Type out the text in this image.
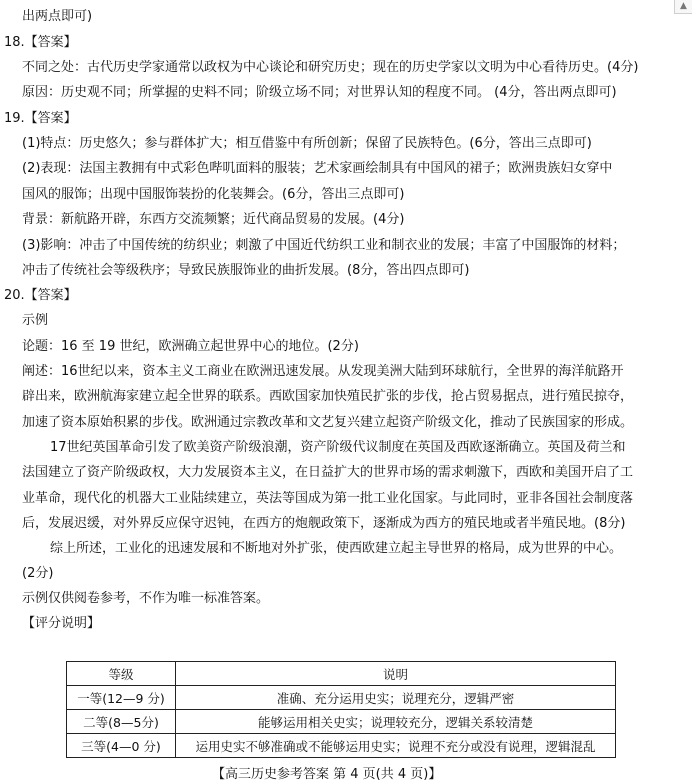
▲
出两点即可)
18.【答案】
不同之处：古代历史学家通常以政权为中心谈论和研究历史；现在的历史学家以文明为中心看待历史。(4分)
原因：历史观不同；所掌握的史料不同；阶级立场不同；对世界认知的程度不同。 (4分，答出两点即可)
19.【答案】
(1)特点：历史悠久；参与群体扩大；相互借鉴中有所创新；保留了民族特色。(6分，答出三点即可)
(2)表现：法国主教拥有中式彩色哔叽面料的服装；艺术家画绘制具有中国风的裙子；欧洲贵族妇女穿中
国风的服饰；出现中国服饰装扮的化装舞会。(6分，答出三点即可)
背景：新航路开辟，东西方交流频繁；近代商品贸易的发展。(4分)
(3)影响：冲击了中国传统的纺织业；刺激了中国近代纺织工业和制衣业的发展；丰富了中国服饰的材料；
冲击了传统社会等级秩序；导致民族服饰业的曲折发展。(8分，答出四点即可)
20.【答案】
示例
论题：16 至 19 世纪，欧洲确立起世界中心的地位。(2分)
阐述：16世纪以来，资本主义工商业在欧洲迅速发展。从发现美洲大陆到环球航行，全世界的海洋航路开
辟出来，欧洲航海家建立起全世界的联系。西欧国家加快殖民扩张的步伐，抢占贸易据点，进行殖民掠夺，
加速了资本原始积累的步伐。欧洲通过宗教改革和文艺复兴建立起资产阶级文化，推动了民族国家的形成。
17世纪英国革命引发了欧美资产阶级浪潮，资产阶级代议制度在英国及西欧逐渐确立。英国及荷兰和
法国建立了资产阶级政权，大力发展资本主义，在日益扩大的世界市场的需求刺激下，西欧和美国开启了工
业革命，现代化的机器大工业陆续建立，英法等国成为第一批工业化国家。与此同时，亚非各国社会制度落
后，发展迟缓，对外界反应保守迟钝，在西方的炮舰政策下，逐渐成为西方的殖民地或者半殖民地。(8分)
综上所述，工业化的迅速发展和不断地对外扩张，使西欧建立起主导世界的格局，成为世界的中心。
(2分)
示例仅供阅卷参考，不作为唯一标准答案。
【评分说明】
等级	说明
一等(12—9 分)	准确、充分运用史实；说理充分，逻辑严密
二等(8—5分)	能够运用相关史实；说理较充分，逻辑关系较清楚
三等(4—0 分)	运用史实不够准确或不能够运用史实；说理不充分或没有说理，逻辑混乱
【高三历史参考答案 第 4 页(共 4 页)】
